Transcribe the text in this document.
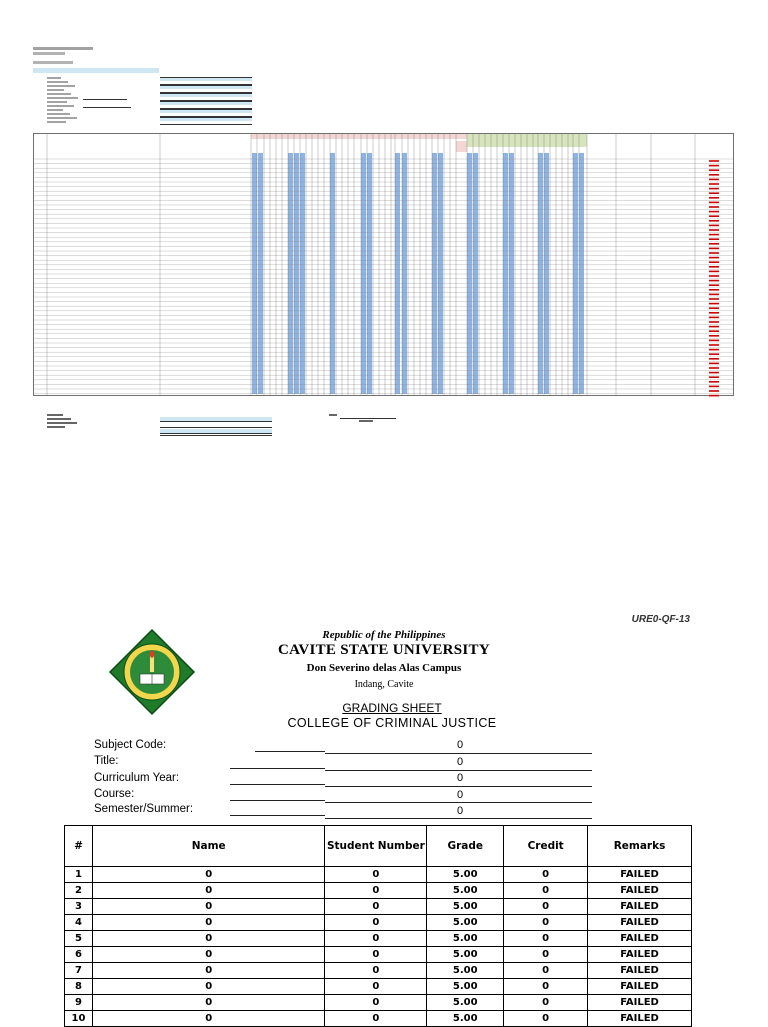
URE0-QF-13
Republic of the Philippines
CAVITE STATE UNIVERSITY
Don Severino delas Alas Campus
Indang, Cavite
GRADING SHEET
COLLEGE OF CRIMINAL JUSTICE
Subject Code:	0
Title:	0
Curriculum Year:	0
Course:	0
Semester/Summer:	0
#	Name	Student Number	Grade	Credit	Remarks
1	0	0	5.00	0	FAILED
2	0	0	5.00	0	FAILED
3	0	0	5.00	0	FAILED
4	0	0	5.00	0	FAILED
5	0	0	5.00	0	FAILED
6	0	0	5.00	0	FAILED
7	0	0	5.00	0	FAILED
8	0	0	5.00	0	FAILED
9	0	0	5.00	0	FAILED
10	0	0	5.00	0	FAILED
